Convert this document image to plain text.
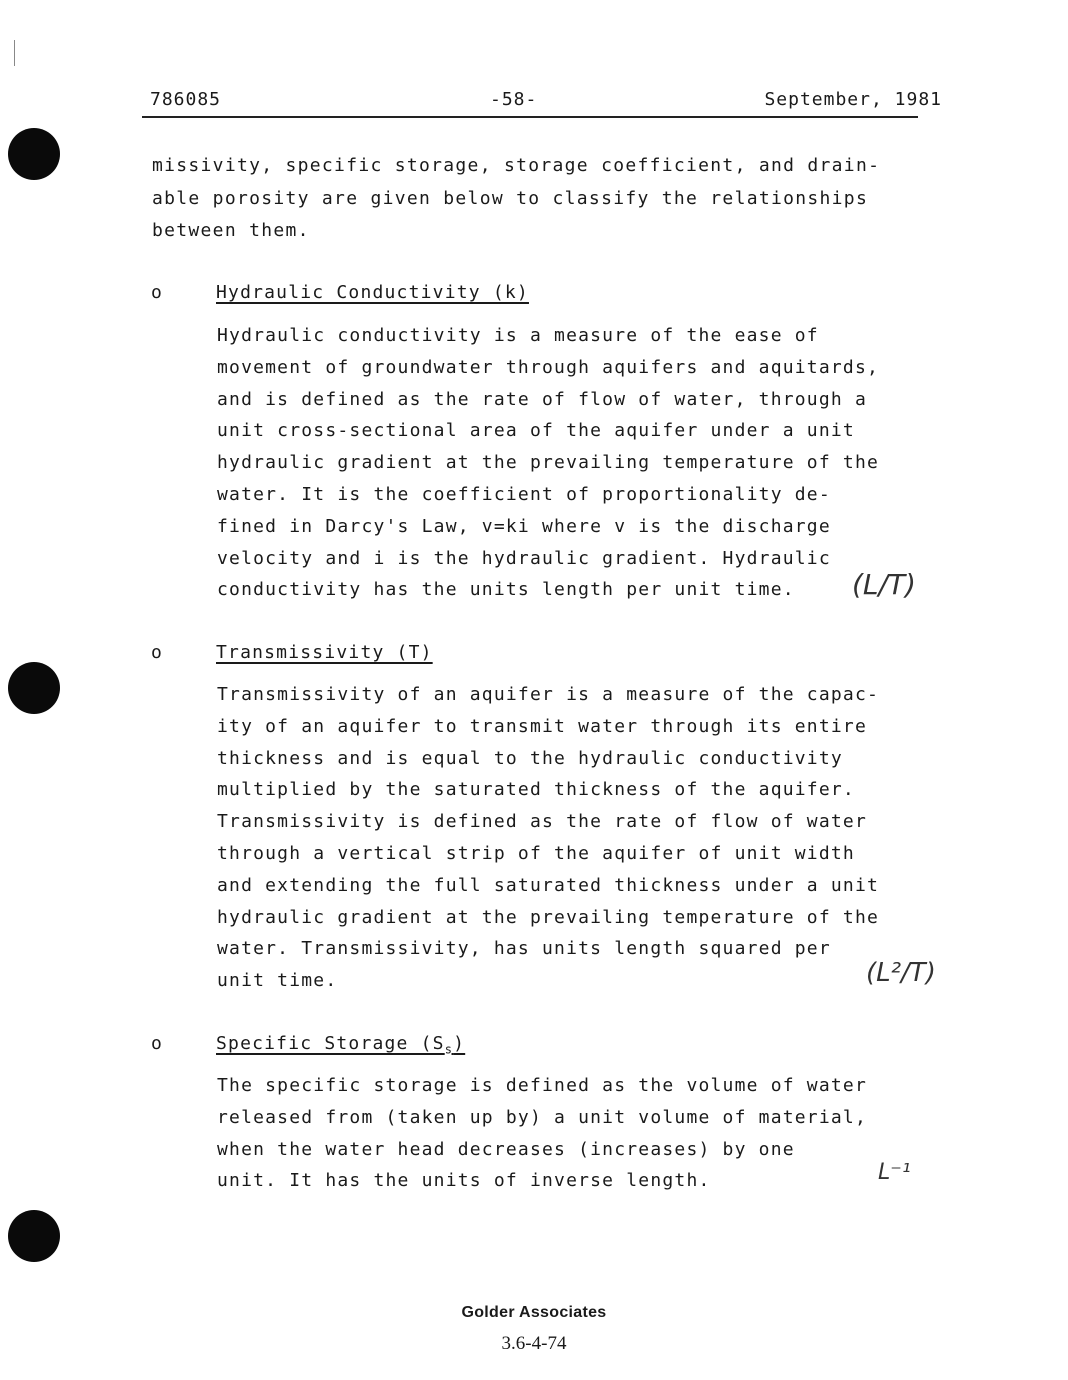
786085	-58-	September, 1981
missivity, specific storage, storage coefficient, and drain-
able porosity are given below to classify the relationships
between them.
o	Hydraulic Conductivity (k)
Hydraulic conductivity is a measure of the ease of
movement of groundwater through aquifers and aquitards,
and is defined as the rate of flow of water, through a
unit cross-sectional area of the aquifer under a unit
hydraulic gradient at the prevailing temperature of the
water. It is the coefficient of proportionality de-
fined in Darcy's Law, v=ki where v is the discharge
velocity and i is the hydraulic gradient. Hydraulic
conductivity has the units length per unit time.	(L/T)
o	Transmissivity (T)
Transmissivity of an aquifer is a measure of the capac-
ity of an aquifer to transmit water through its entire
thickness and is equal to the hydraulic conductivity
multiplied by the saturated thickness of the aquifer.
Transmissivity is defined as the rate of flow of water
through a vertical strip of the aquifer of unit width
and extending the full saturated thickness under a unit
hydraulic gradient at the prevailing temperature of the
water. Transmissivity, has units length squared per
unit time.	(L²/T)
o	Specific Storage $(S_s)$
The specific storage is defined as the volume of water
released from (taken up by) a unit volume of material,
when the water head decreases (increases) by one
unit. It has the units of inverse length.	L⁻¹
Golder Associates
3.6-4-74
